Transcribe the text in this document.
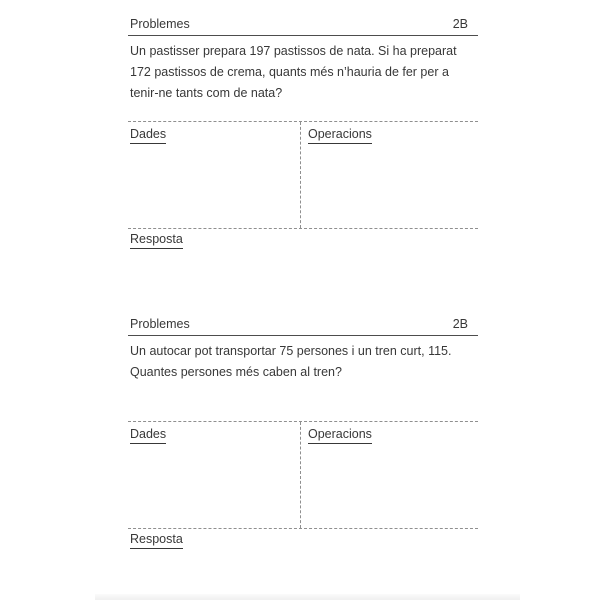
Problemes	2B
Un pastisser prepara 197 pastissos de nata. Si ha preparat
172 pastissos de crema, quants més n’hauria de fer per a
tenir-ne tants com de nata?
Dades	Operacions
Resposta
Problemes	2B
Un autocar pot transportar 75 persones i un tren curt, 115.
Quantes persones més caben al tren?
Dades	Operacions
Resposta
